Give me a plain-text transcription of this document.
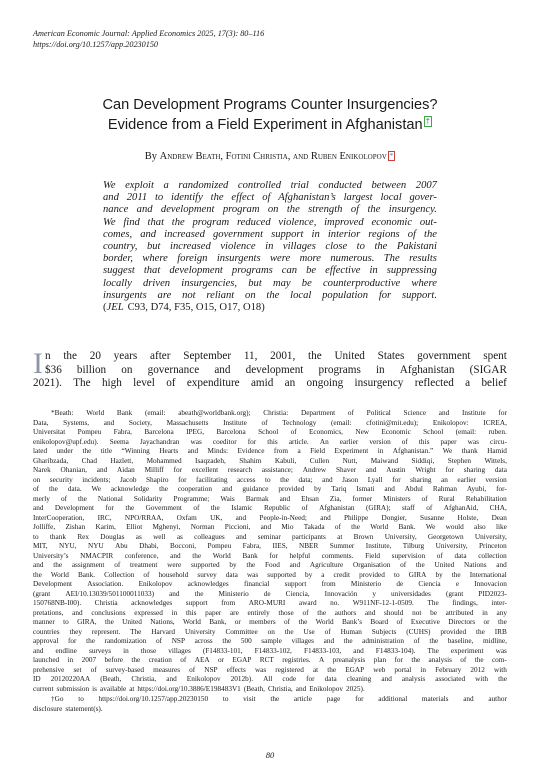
American Economic Journal: Applied Economics 2025, 17(3): 80–116
https://doi.org/10.1257/app.20230150
Can Development Programs Counter Insurgencies?
Evidence from a Field Experiment in Afghanistan †
By Andrew Beath, Fotini Christia, and Ruben Enikolopov *
We exploit a randomized controlled trial conducted between 2007
and 2011 to identify the effect of Afghanistan’s largest local gover-
nance and development program on the strength of the insurgency.
We find that the program reduced violence, improved economic out-
comes, and increased government support in interior regions of the
country, but increased violence in villages close to the Pakistani
border, where foreign insurgents were more numerous. The results
suggest that development programs can be effective in suppressing
locally driven insurgencies, but may be counterproductive where
insurgents are not reliant on the local population for support.
( JEL C93, D74, F35, O15, O17, O18)
I n the 20 years after September 11, 2001, the United States government spent
$36 billion on governance and development programs in Afghanistan (SIGAR
2021). The high level of expenditure amid an ongoing insurgency reflected a belief
*Beath: World Bank (email: abeath@worldbank.org); Christia: Department of Political Science and Institute for
Data, Systems, and Society, Massachusetts Institute of Technology (email: cfotini@mit.edu); Enikolopov: ICREA,
Universitat Pompeu Fabra, Barcelona IPEG, Barcelona School of Economics, New Economic School (email: ruben.
enikolopov@upf.edu). Seema Jayachandran was coeditor for this article. An earlier version of this paper was circu-
lated under the title “Winning Hearts and Minds: Evidence from a Field Experiment in Afghanistan.” We thank Hamid
Gharibzada, Chad Hazlett, Mohammed Isaqzadeh, Shahim Kabuli, Cullen Nutt, Maiwand Siddiqi, Stephen Wittels,
Narek Ohanian, and Aidan Milliff for excellent research assistance; Andrew Shaver and Austin Wright for sharing data
on security incidents; Jacob Shapiro for facilitating access to the data; and Jason Lyall for sharing an earlier version
of the data. We acknowledge the cooperation and guidance provided by Tariq Ismati and Abdul Rahman Ayubi, for-
merly of the National Solidarity Programme; Wais Barmak and Ehsan Zia, former Ministers of Rural Rehabilitation
and Development for the Government of the Islamic Republic of Afghanistan (GIRA); staff of AfghanAid, CHA,
InterCooperation, IRC, NPO/RRAA, Oxfam UK, and People-in-Need; and Philippe Dongier, Susanne Holste, Dean
Jolliffe, Zishan Karim, Elliot Mghenyi, Norman Piccioni, and Mio Takada of the World Bank. We would also like
to thank Rex Douglas as well as colleagues and seminar participants at Brown University, Georgetown University,
MIT, NYU, NYU Abu Dhabi, Bocconi, Pompeu Fabra, IIES, NBER Summer Institute, Tilburg University, Princeton
University’s NMACPIR conference, and the World Bank for helpful comments. Field supervision of data collection
and the assignment of treatment were supported by the Food and Agriculture Organisation of the United Nations and
the World Bank. Collection of household survey data was supported by a credit provided to GIRA by the International
Development Association. Enikolopov acknowledges financial support from Ministerio de Ciencia e Innovacion
(grant AEI/10.13039/501100011033) and the Ministerio de Ciencia, Innovación y universidades (grant PID2023-
150768NB-I00). Christia acknowledges support from ARO-MURI award no. W911NF-12-1-0509. The findings, inter-
pretations, and conclusions expressed in this paper are entirely those of the authors and should not be attributed in any
manner to GIRA, the United Nations, World Bank, or members of the World Bank’s Board of Executive Directors or the
countries they represent. The Harvard University Committee on the Use of Human Subjects (CUHS) provided the IRB
approval for the randomization of NSP across the 500 sample villages and the administration of the baseline, midline,
and endline surveys in those villages (F14833-101, F14833-102, F14833-103, and F14833-104). The experiment was
launched in 2007 before the creation of AEA or EGAP RCT registries. A preanalysis plan for the analysis of the com-
prehensive set of survey-based measures of NSP effects was registered at the EGAP web portal in February 2012 with
ID 20120220AA (Beath, Christia, and Enikolopov 2012b). All code for data cleaning and analysis associated with the
current submission is available at https://doi.org/10.3886/E198483V1 (Beath, Christia, and Enikolopov 2025).
†Go to https://doi.org/10.1257/app.20230150 to visit the article page for additional materials and author
disclosure statement(s).
80
